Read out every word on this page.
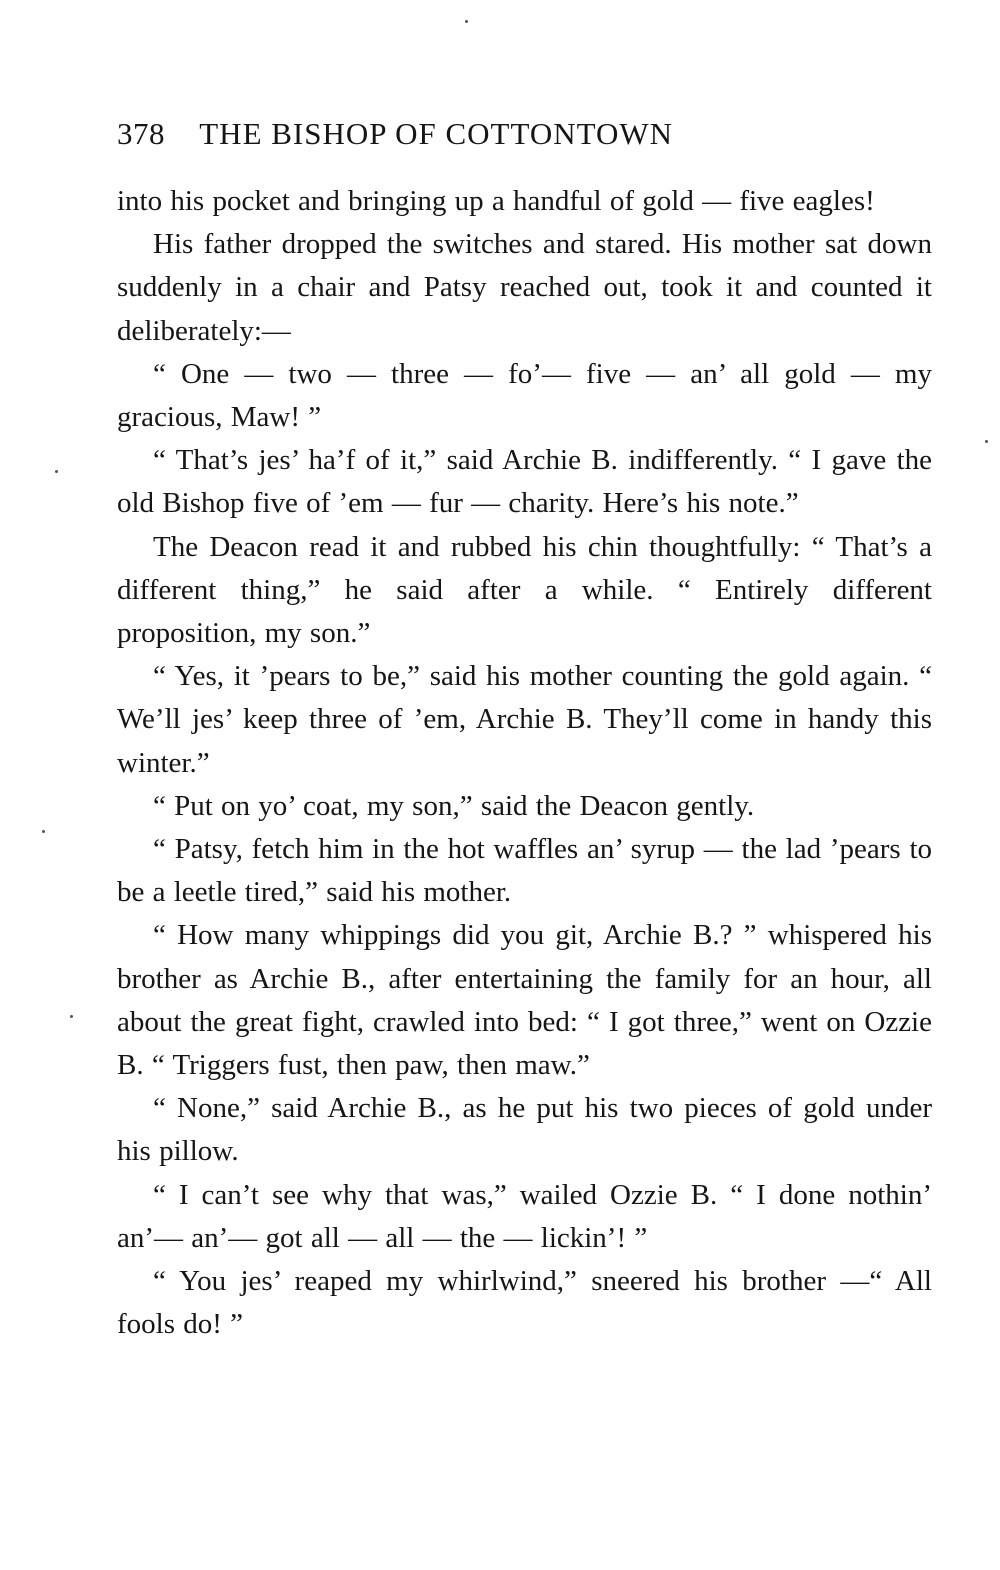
378 THE BISHOP OF COTTONTOWN

into his pocket and bringing up a handful of gold — five eagles!

His father dropped the switches and stared. His mother sat down suddenly in a chair and Patsy reached out, took it and counted it deliberately:—

“ One — two — three — fo’— five — an’ all gold — my gracious, Maw! ”

“ That’s jes’ ha’f of it,” said Archie B. indifferently. “ I gave the old Bishop five of ’em — fur — charity. Here’s his note.”

The Deacon read it and rubbed his chin thoughtfully: “ That’s a different thing,” he said after a while. “ Entirely different proposition, my son.”

“ Yes, it ’pears to be,” said his mother counting the gold again. “ We’ll jes’ keep three of ’em, Archie B. They’ll come in handy this winter.”

“ Put on yo’ coat, my son,” said the Deacon gently.

“ Patsy, fetch him in the hot waffles an’ syrup — the lad ’pears to be a leetle tired,” said his mother.

“ How many whippings did you git, Archie B.? ” whispered his brother as Archie B., after entertaining the family for an hour, all about the great fight, crawled into bed: “ I got three,” went on Ozzie B. “ Triggers fust, then paw, then maw.”

“ None,” said Archie B., as he put his two pieces of gold under his pillow.

“ I can’t see why that was,” wailed Ozzie B. “ I done nothin’ an’— an’— got all — all — the — lickin’! ”

“ You jes’ reaped my whirlwind,” sneered his brother —“ All fools do! ”
